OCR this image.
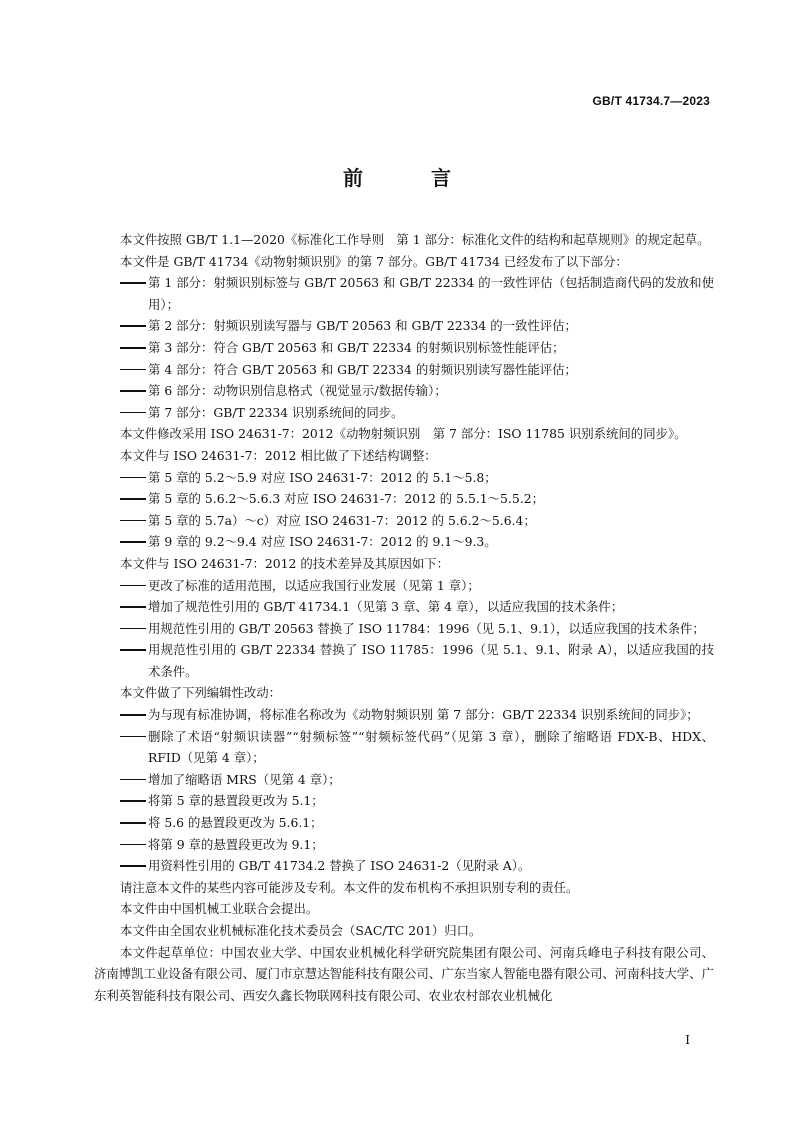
GB/T 41734.7—2023
前　言

本文件按照 GB/T 1.1—2020《标准化工作导则　第 1 部分：标准化文件的结构和起草规则》的规定起草。

本文件是 GB/T 41734《动物射频识别》的第 7 部分。GB/T 41734 已经发布了以下部分：

第 1 部分：射频识别标签与 GB/T 20563 和 GB/T 22334 的一致性评估（包括制造商代码的发放和使用）；

第 2 部分：射频识别读写器与 GB/T 20563 和 GB/T 22334 的一致性评估；

第 3 部分：符合 GB/T 20563 和 GB/T 22334 的射频识别标签性能评估；

第 4 部分：符合 GB/T 20563 和 GB/T 22334 的射频识别读写器性能评估；

第 6 部分：动物识别信息格式（视觉显示/数据传输）；

第 7 部分：GB/T 22334 识别系统间的同步。

本文件修改采用 ISO 24631-7：2012《动物射频识别　第 7 部分：ISO 11785 识别系统间的同步》。

本文件与 ISO 24631-7：2012 相比做了下述结构调整：

第 5 章的 5.2～5.9 对应 ISO 24631-7：2012 的 5.1～5.8；

第 5 章的 5.6.2～5.6.3 对应 ISO 24631-7：2012 的 5.5.1～5.5.2；

第 5 章的 5.7a）～c）对应 ISO 24631-7：2012 的 5.6.2～5.6.4；

第 9 章的 9.2～9.4 对应 ISO 24631-7：2012 的 9.1～9.3。

本文件与 ISO 24631-7：2012 的技术差异及其原因如下：

更改了标准的适用范围，以适应我国行业发展（见第 1 章）；

增加了规范性引用的 GB/T 41734.1（见第 3 章、第 4 章），以适应我国的技术条件；

用规范性引用的 GB/T 20563 替换了 ISO 11784：1996（见 5.1、9.1），以适应我国的技术条件；

用规范性引用的 GB/T 22334 替换了 ISO 11785：1996（见 5.1、9.1、附录 A），以适应我国的技术条件。

本文件做了下列编辑性改动：

为与现有标准协调，将标准名称改为《动物射频识别 第 7 部分：GB/T 22334 识别系统间的同步》；

删除了术语“射频识读器”“射频标签”“射频标签代码”（见第 3 章），删除了缩略语 FDX-B、HDX、RFID（见第 4 章）；

增加了缩略语 MRS（见第 4 章）；

将第 5 章的悬置段更改为 5.1；

将 5.6 的悬置段更改为 5.6.1；

将第 9 章的悬置段更改为 9.1；

用资料性引用的 GB/T 41734.2 替换了 ISO 24631-2（见附录 A）。

请注意本文件的某些内容可能涉及专利。本文件的发布机构不承担识别专利的责任。

本文件由中国机械工业联合会提出。

本文件由全国农业机械标准化技术委员会（SAC/TC 201）归口。

本文件起草单位：中国农业大学、中国农业机械化科学研究院集团有限公司、河南兵峰电子科技有限公司、济南博凯工业设备有限公司、厦门市京慧达智能科技有限公司、广东当家人智能电器有限公司、河南科技大学、广东利英智能科技有限公司、西安久鑫长物联网科技有限公司、农业农村部农业机械化

I
